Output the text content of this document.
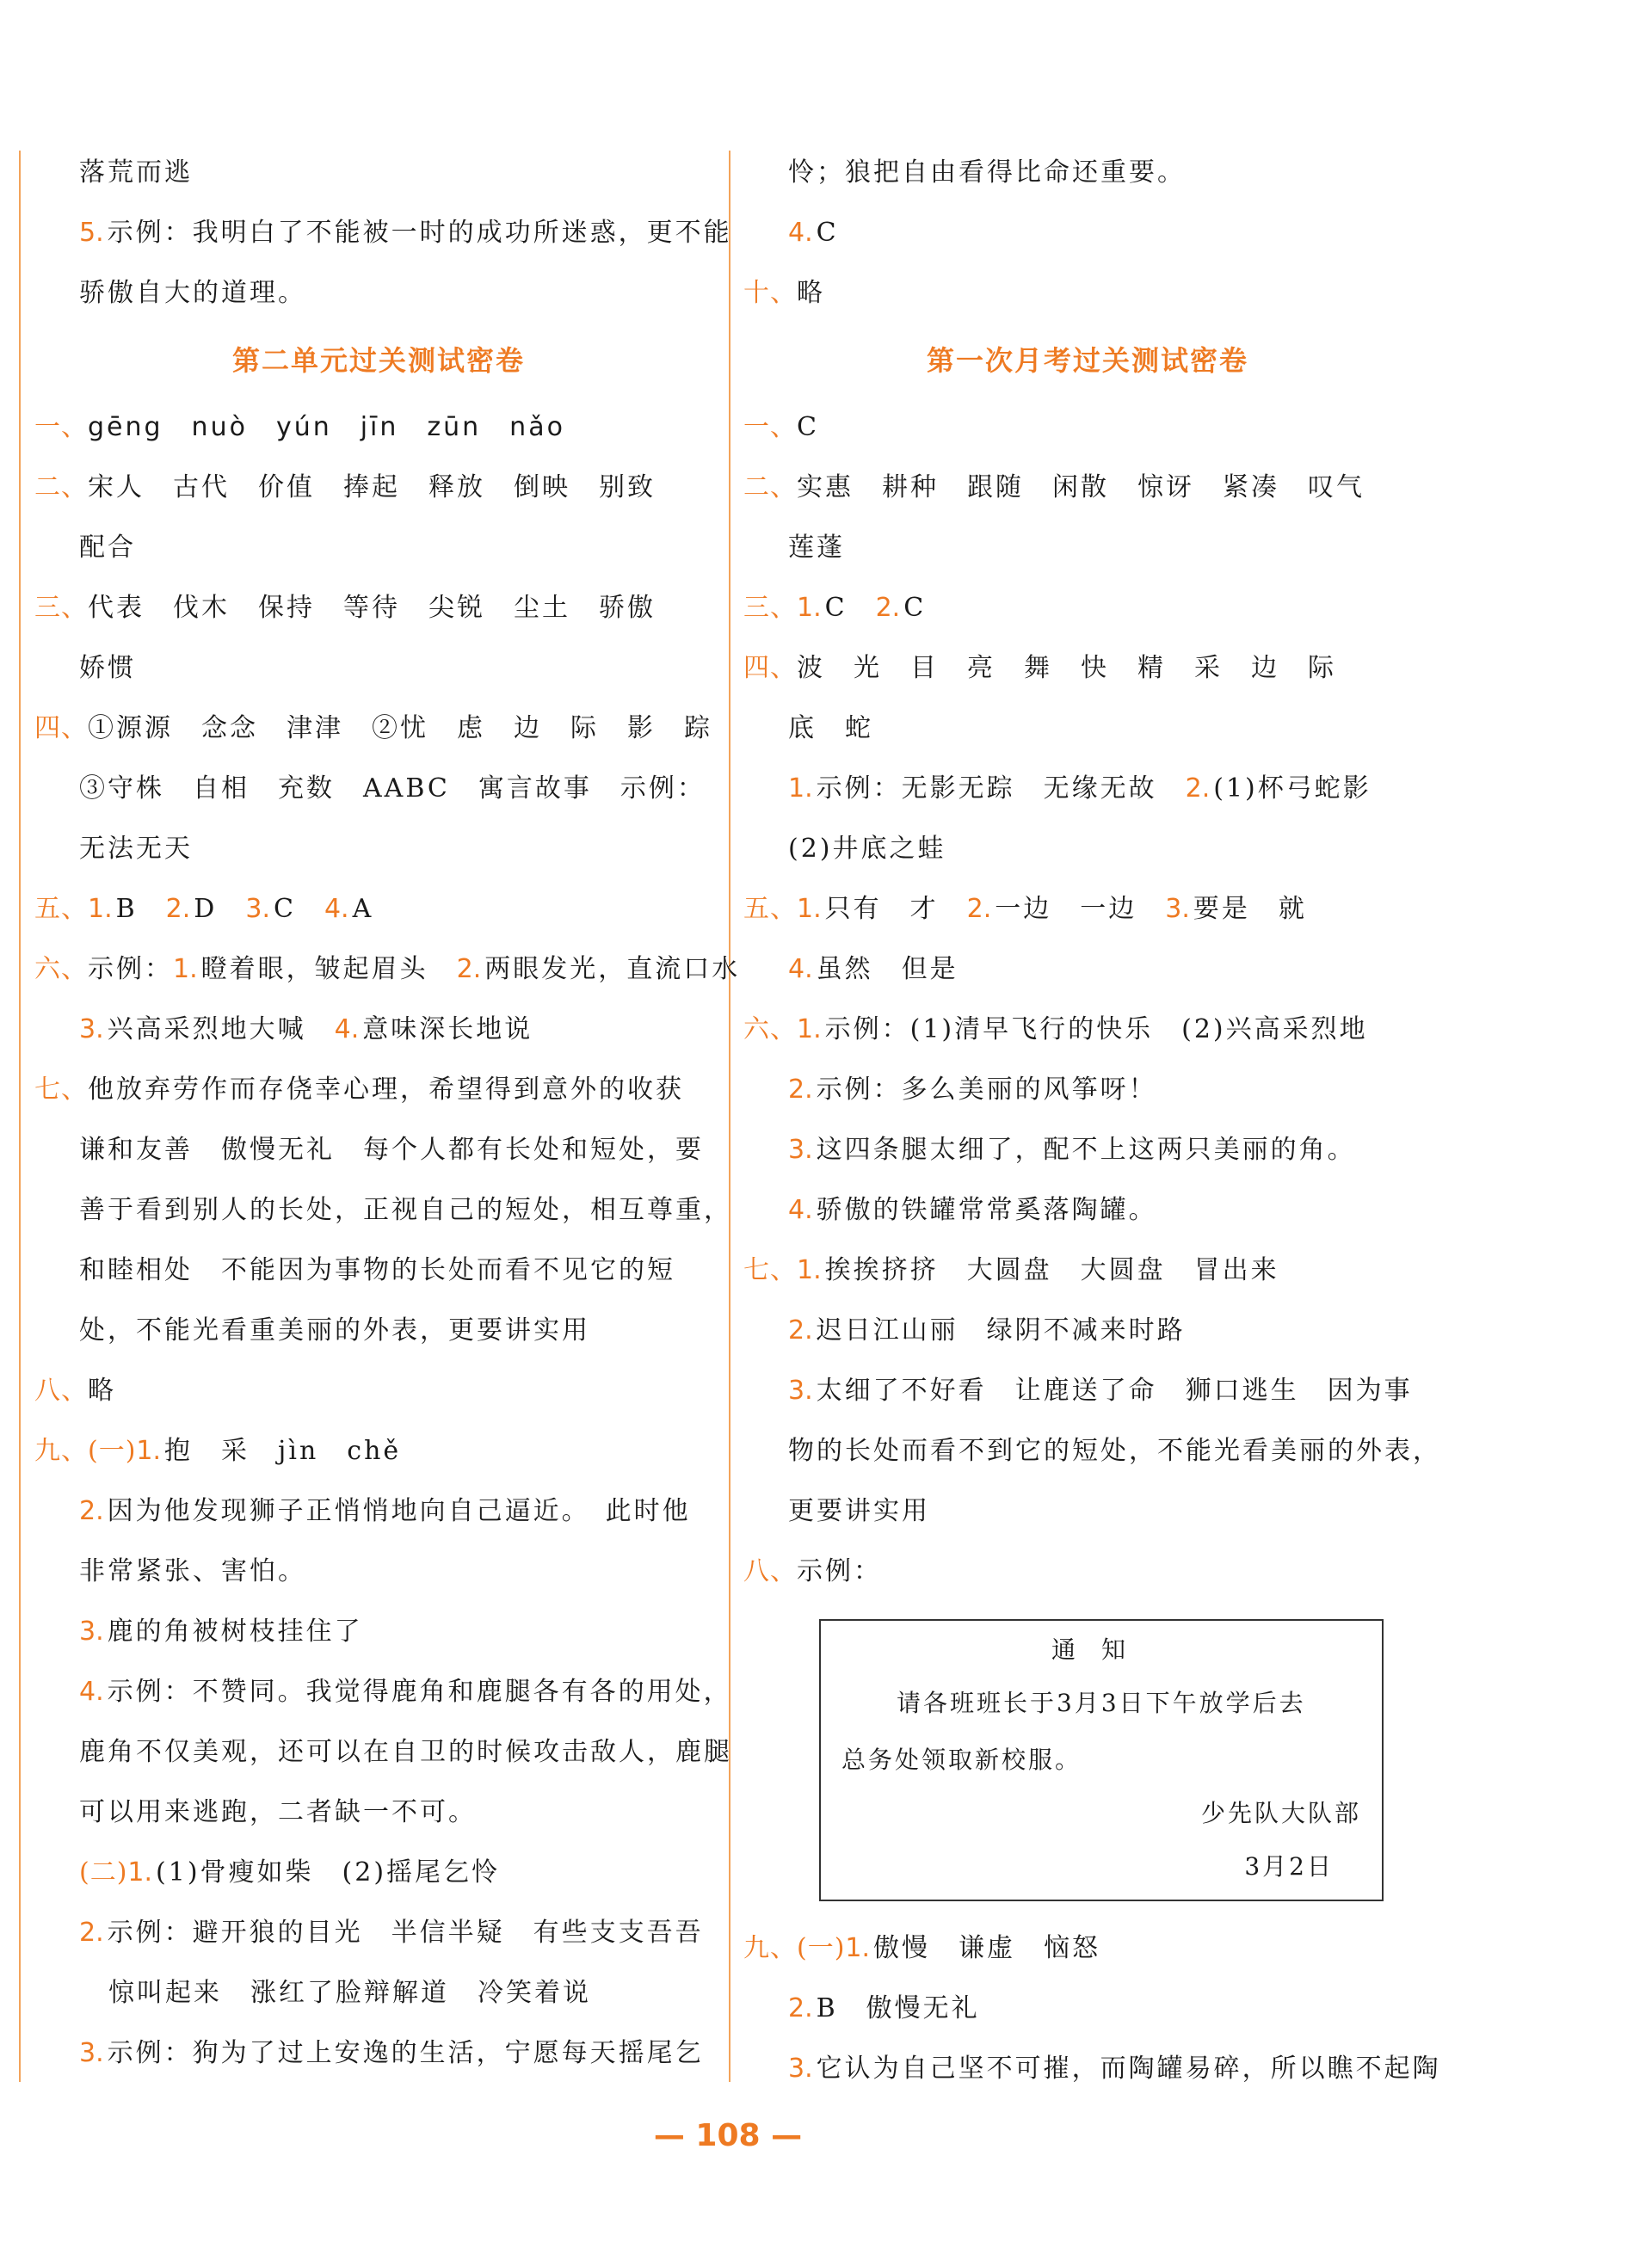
落荒而逃
5. 示例：我明白了不能被一时的成功所迷惑，更不能
骄傲自大的道理。
第二单元过关测试密卷
一、gēng　nuò　yún　jīn　zūn　nǎo
二、宋人　古代　价值　捧起　释放　倒映　别致
配合
三、代表　伐木　保持　等待　尖锐　尘土　骄傲
娇惯
四、①源源　念念　津津　②忧　虑　边　际　影　踪
③守株　自相　充数　AABC　寓言故事　示例：
无法无天
五、1. B　 2. D　 3. C　 4. A
六、示例：1. 瞪着眼，皱起眉头　 2. 两眼发光，直流口水
3. 兴高采烈地大喊　 4. 意味深长地说
七、他放弃劳作而存侥幸心理，希望得到意外的收获
谦和友善　傲慢无礼　每个人都有长处和短处，要
善于看到别人的长处，正视自己的短处，相互尊重，
和睦相处　不能因为事物的长处而看不见它的短
处，不能光看重美丽的外表，更要讲实用
八、略
九、(一)1. 抱　采　jìn　chě
2. 因为他发现狮子正悄悄地向自己逼近。　此时他
非常紧张、害怕。
3. 鹿的角被树枝挂住了
4. 示例：不赞同。我觉得鹿角和鹿腿各有各的用处，
鹿角不仅美观，还可以在自卫的时候攻击敌人，鹿腿
可以用来逃跑，二者缺一不可。
(二)1. (1)骨瘦如柴　(2)摇尾乞怜
2. 示例：避开狼的目光　半信半疑　有些支支吾吾
惊叫起来　涨红了脸辩解道　冷笑着说
3. 示例：狗为了过上安逸的生活，宁愿每天摇尾乞
怜；狼把自由看得比命还重要。
4. C
十、略
第一次月考过关测试密卷
一、C
二、实惠　耕种　跟随　闲散　惊讶　紧凑　叹气
莲蓬
三、1. C　 2. C
四、波　光　目　亮　舞　快　精　采　边　际
底　蛇
1. 示例：无影无踪　无缘无故　 2. (1)杯弓蛇影
(2)井底之蛙
五、1. 只有　才　 2. 一边　一边　 3. 要是　就
4. 虽然　但是
六、1. 示例：(1)清早飞行的快乐　(2)兴高采烈地
2. 示例：多么美丽的风筝呀！
3. 这四条腿太细了，配不上这两只美丽的角。
4. 骄傲的铁罐常常奚落陶罐。
七、1. 挨挨挤挤　大圆盘　大圆盘　冒出来
2. 迟日江山丽　绿阴不减来时路
3. 太细了不好看　让鹿送了命　狮口逃生　因为事
物的长处而看不到它的短处，不能光看美丽的外表，
更要讲实用
八、示例：
通知
请各班班长于3月3日下午放学后去
总务处领取新校服。
少先队大队部
3月2日
九、(一)1. 傲慢　谦虚　恼怒
2. B　傲慢无礼
3. 它认为自己坚不可摧，而陶罐易碎，所以瞧不起陶
— 108 —
